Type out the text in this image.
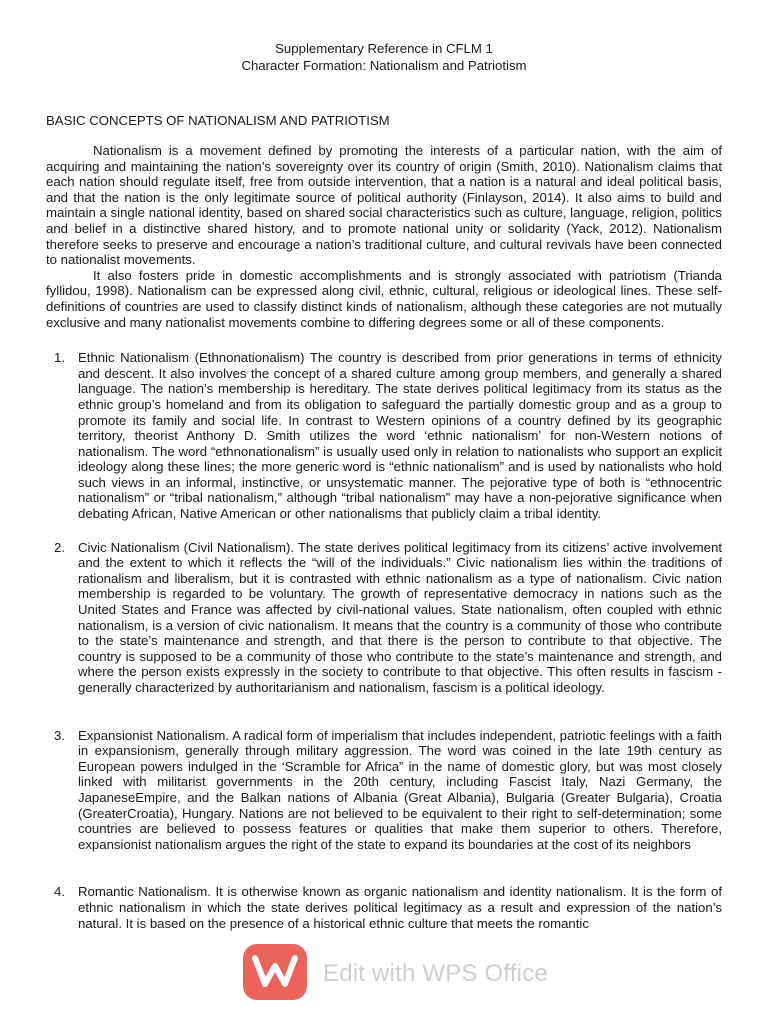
Supplementary Reference in CFLM 1
Character Formation: Nationalism and Patriotism
BASIC CONCEPTS OF NATIONALISM AND PATRIOTISM

Nationalism is a movement defined by promoting the interests of a particular nation, with the aim of acquiring and maintaining the nation’s sovereignty over its country of origin (Smith, 2010). Nationalism claims that each nation should regulate itself, free from outside intervention, that a nation is a natural and ideal political basis, and that the nation is the only legitimate source of political authority (Finlayson, 2014). It also aims to build and maintain a single national identity, based on shared social characteristics such as culture, language, religion, politics and belief in a distinctive shared history, and to promote national unity or solidarity (Yack, 2012). Nationalism therefore seeks to preserve and encourage a nation’s traditional culture, and cultural revivals have been connected to nationalist movements.

It also fosters pride in domestic accomplishments and is strongly associated with patriotism (Trianda fyllidou, 1998). Nationalism can be expressed along civil, ethnic, cultural, religious or ideological lines. These self-definitions of countries are used to classify distinct kinds of nationalism, although these categories are not mutually exclusive and many nationalist movements combine to differing degrees some or all of these components.

1. Ethnic Nationalism (Ethnonationalism) The country is described from prior generations in terms of ethnicity and descent. It also involves the concept of a shared culture among group members, and generally a shared language. The nation’s membership is hereditary. The state derives political legitimacy from its status as the ethnic group’s homeland and from its obligation to safeguard the partially domestic group and as a group to promote its family and social life. In contrast to Western opinions of a country defined by its geographic territory, theorist Anthony D. Smith utilizes the word ‘ethnic nationalism’ for non-Western notions of nationalism. The word “ethnonationalism” is usually used only in relation to nationalists who support an explicit ideology along these lines; the more generic word is “ethnic nationalism” and is used by nationalists who hold such views in an informal, instinctive, or unsystematic manner. The pejorative type of both is “ethnocentric nationalism” or “tribal nationalism,” although “tribal nationalism” may have a non-pejorative significance when debating African, Native American or other nationalisms that publicly claim a tribal identity.
2. Civic Nationalism (Civil Nationalism). The state derives political legitimacy from its citizens’ active involvement and the extent to which it reflects the “will of the individuals.” Civic nationalism lies within the traditions of rationalism and liberalism, but it is contrasted with ethnic nationalism as a type of nationalism. Civic nation membership is regarded to be voluntary. The growth of representative democracy in nations such as the United States and France was affected by civil-national values. State nationalism, often coupled with ethnic nationalism, is a version of civic nationalism. It means that the country is a community of those who contribute to the state’s maintenance and strength, and that there is the person to contribute to that objective. The country is supposed to be a community of those who contribute to the state’s maintenance and strength, and where the person exists expressly in the society to contribute to that objective. This often results in fascism - generally characterized by authoritarianism and nationalism, fascism is a political ideology.
3. Expansionist Nationalism. A radical form of imperialism that includes independent, patriotic feelings with a faith in expansionism, generally through military aggression. The word was coined in the late 19th century as European powers indulged in the ‘Scramble for Africa” in the name of domestic glory, but was most closely linked with militarist governments in the 20th century, including Fascist Italy, Nazi Germany, the JapaneseEmpire, and the Balkan nations of Albania (Great Albania), Bulgaria (Greater Bulgaria), Croatia (GreaterCroatia), Hungary. Nations are not believed to be equivalent to their right to self-determination; some countries are believed to possess features or qualities that make them superior to others. Therefore, expansionist nationalism argues the right of the state to expand its boundaries at the cost of its neighbors
4. Romantic Nationalism. It is otherwise known as organic nationalism and identity nationalism. It is the form of ethnic nationalism in which the state derives political legitimacy as a result and expression of the nation’s natural. It is based on the presence of a historical ethnic culture that meets the romantic
Edit with WPS Office
